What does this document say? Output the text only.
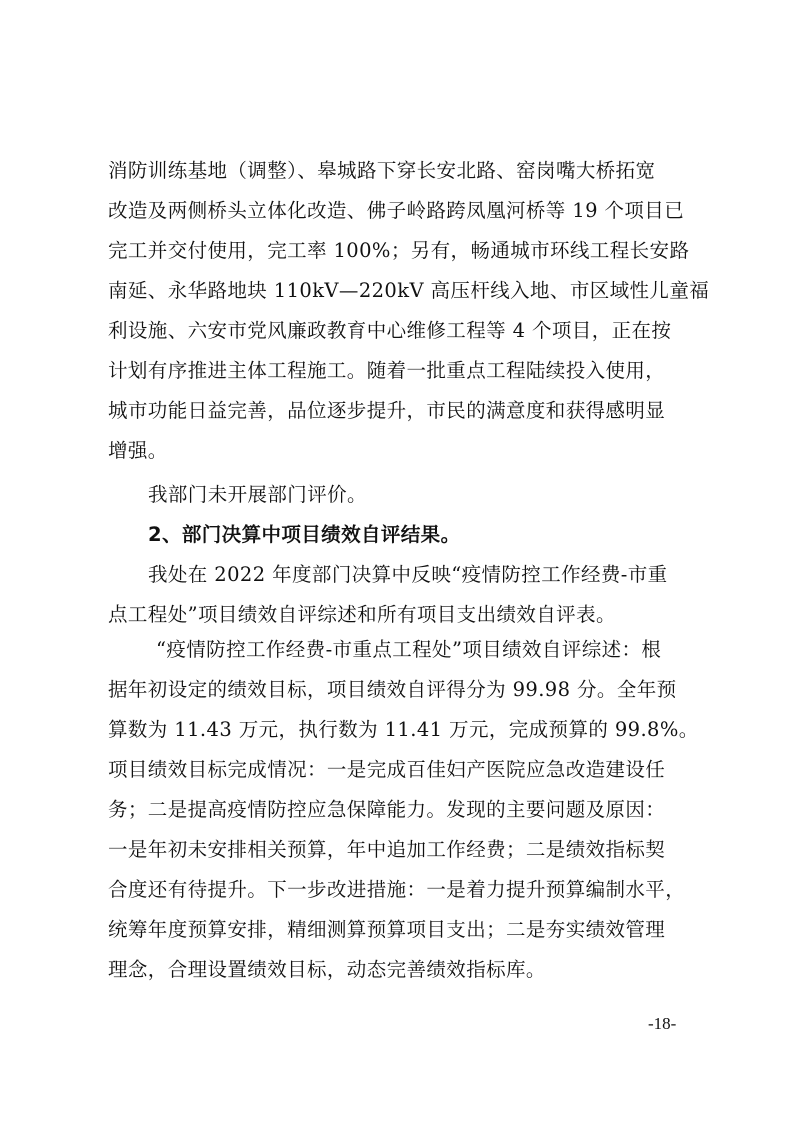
消防训练基地（调整）、皋城路下穿长安北路、窑岗嘴大桥拓宽
改造及两侧桥头立体化改造、佛子岭路跨凤凰河桥等 19 个项目已
完工并交付使用，完工率 100%；另有，畅通城市环线工程长安路
南延、永华路地块 110kV—220kV 高压杆线入地、市区域性儿童福
利设施、六安市党风廉政教育中心维修工程等 4 个项目，正在按
计划有序推进主体工程施工。随着一批重点工程陆续投入使用，
城市功能日益完善，品位逐步提升，市民的满意度和获得感明显
增强。
我部门未开展部门评价。
2、部门决算中项目绩效自评结果。
我处在 2022 年度部门决算中反映“疫情防控工作经费-市重
点工程处”项目绩效自评综述和所有项目支出绩效自评表。
“疫情防控工作经费-市重点工程处”项目绩效自评综述：根
据年初设定的绩效目标，项目绩效自评得分为 99.98 分。全年预
算数为 11.43 万元，执行数为 11.41 万元，完成预算的 99.8%。
项目绩效目标完成情况：一是完成百佳妇产医院应急改造建设任
务；二是提高疫情防控应急保障能力。发现的主要问题及原因：
一是年初未安排相关预算，年中追加工作经费；二是绩效指标契
合度还有待提升。下一步改进措施：一是着力提升预算编制水平，
统筹年度预算安排，精细测算预算项目支出；二是夯实绩效管理
理念，合理设置绩效目标，动态完善绩效指标库。
-18-
